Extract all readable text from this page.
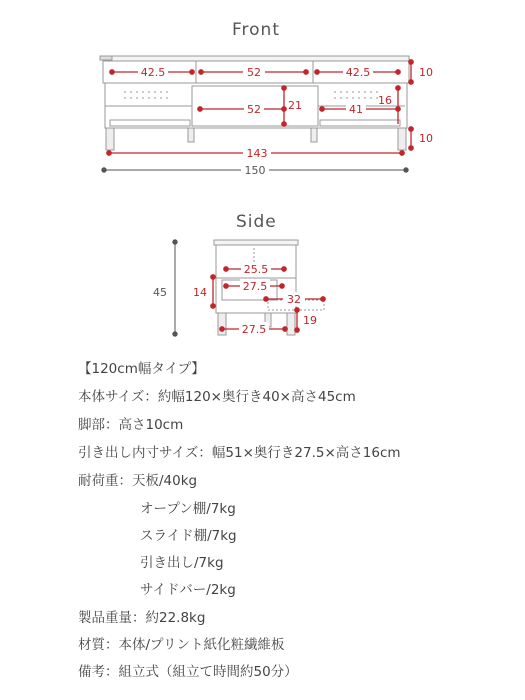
Front
42.5	52	42.5	10
52 21	41
16
10
143
150
45
25.5
27.5
14
32
19
27.5
Side
【120cm幅タイプ】
本体サイズ：約幅120×奥行き40×高さ45cm
脚部：高さ10cm
引き出し内寸サイズ：幅51×奥行き27.5×高さ16cm
耐荷重：天板/40kg
オープン棚/7kg
スライド棚/7kg
引き出し/7kg
サイドバー/2kg
製品重量：約22.8kg
材質：本体/プリント紙化粧繊維板
備考：組立式（組立て時間約50分）
